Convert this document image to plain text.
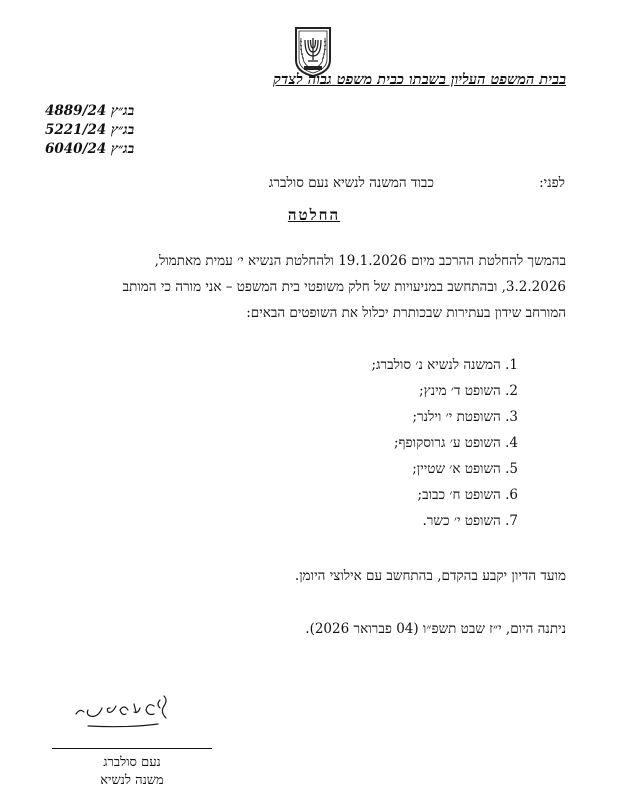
בבית המשפט העליון בשבתו כבית משפט גבוה לצדק
בג״ץ 4889/24
בג״ץ 5221/24
בג״ץ 6040/24
לפני:
כבוד המשנה לנשיא נעם סולברג
החלטה
בהמשך להחלטת ההרכב מיום 19.1.2026 ולהחלטת הנשיא י׳ עמית מאתמול,
3.2.2026, ובהתחשב במניעויות של חלק משופטי בית המשפט – אני מורה כי המותב
המורחב שידון בעתירות שבכותרת יכלול את השופטים הבאים:
1. המשנה לנשיא נ׳ סולברג;
2. השופט ד׳ מינץ;
3. השופטת י׳ וילנר;
4. השופט ע׳ גרוסקופף;
5. השופט א׳ שטיין;
6. השופט ח׳ כבוב;
7. השופט י׳ כשר.
מועד הדיון יקבע בהקדם, בהתחשב עם אילוצי היומן.
ניתנה היום, י״ז שבט תשפ״ו (04 פברואר 2026).
נעם סולברג
משנה לנשיא
